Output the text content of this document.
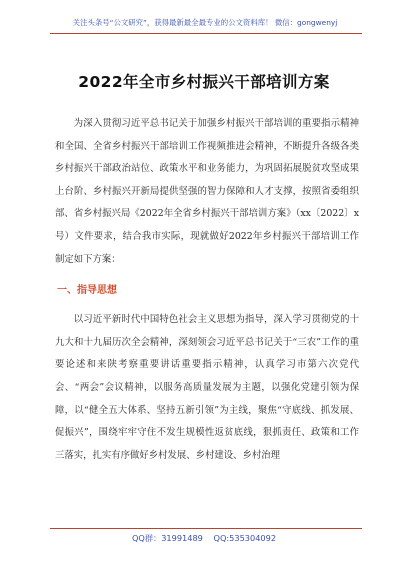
关注头条号“公文研究”，获得最新最全最专业的公文资料库！ 微信：gongwenyj
2022年全市乡村振兴干部培训方案

为深入贯彻习近平总书记关于加强乡村振兴干部培训的重要指示精神和全国、全省乡村振兴干部培训工作视频推进会精神，不断提升各级各类乡村振兴干部政治站位、政策水平和业务能力，为巩固拓展脱贫攻坚成果上台阶、乡村振兴开新局提供坚强的智力保障和人才支撑，按照省委组织部、省乡村振兴局《2022年全省乡村振兴干部培训方案》（xx〔2022〕x号）文件要求，结合我市实际，现就做好2022年乡村振兴干部培训工作制定如下方案：

一、指导思想

以习近平新时代中国特色社会主义思想为指导，深入学习贯彻党的十九大和十九届历次全会精神，深刻领会习近平总书记关于“三农”工作的重要论述和来陕考察重要讲话重要指示精神，认真学习市第六次党代会、“两会”会议精神，以服务高质量发展为主题，以强化党建引领为保障，以“健全五大体系、坚持五新引领”为主线，聚焦“守底线、抓发展、促振兴”，围绕牢牢守住不发生规模性返贫底线，狠抓责任、政策和工作三落实，扎实有序做好乡村发展、乡村建设、乡村治理

QQ群：31991489 QQ:535304092
